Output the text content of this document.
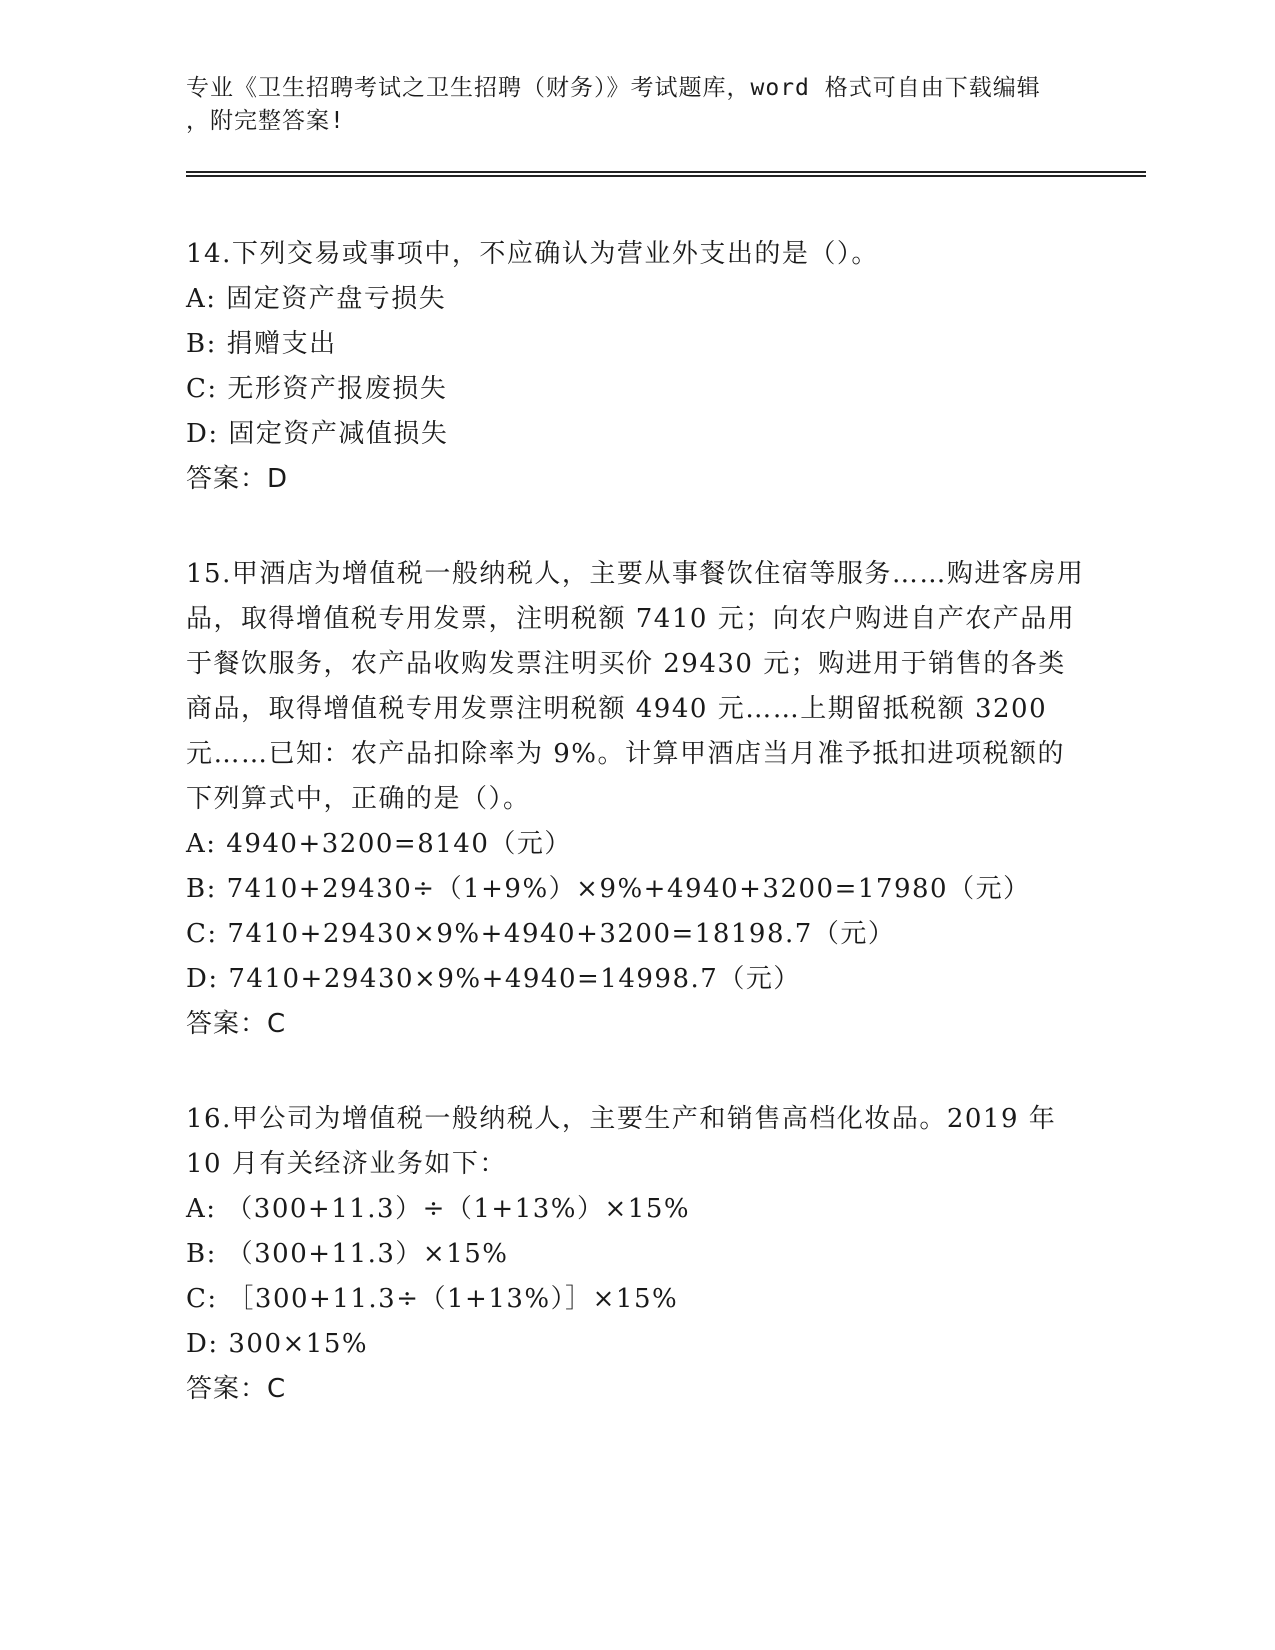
专业《卫生招聘考试之卫生招聘（财务）》考试题库，word 格式可自由下载编辑
，附完整答案!

14.下列交易或事项中，不应确认为营业外支出的是（）。

A: 固定资产盘亏损失
B: 捐赠支出
C: 无形资产报废损失
D: 固定资产减值损失
答案：D

15.甲酒店为增值税一般纳税人，主要从事餐饮住宿等服务……购进客房用品，取得增值税专用发票，注明税额 7410 元；向农户购进自产农产品用于餐饮服务，农产品收购发票注明买价 29430 元；购进用于销售的各类商品，取得增值税专用发票注明税额 4940 元……上期留抵税额 3200 元……已知：农产品扣除率为 9%。计算甲酒店当月准予抵扣进项税额的下列算式中，正确的是（）。

A: 4940+3200=8140（元）
B: 7410+29430÷（1+9%）×9%+4940+3200=17980（元）
C: 7410+29430×9%+4940+3200=18198.7（元）
D: 7410+29430×9%+4940=14998.7（元）
答案：C

16.甲公司为增值税一般纳税人，主要生产和销售高档化妆品。2019 年 10 月有关经济业务如下：

A: （300+11.3）÷（1+13%）×15%
B: （300+11.3）×15%
C: ［300+11.3÷（1+13%）］×15%
D: 300×15%
答案：C
